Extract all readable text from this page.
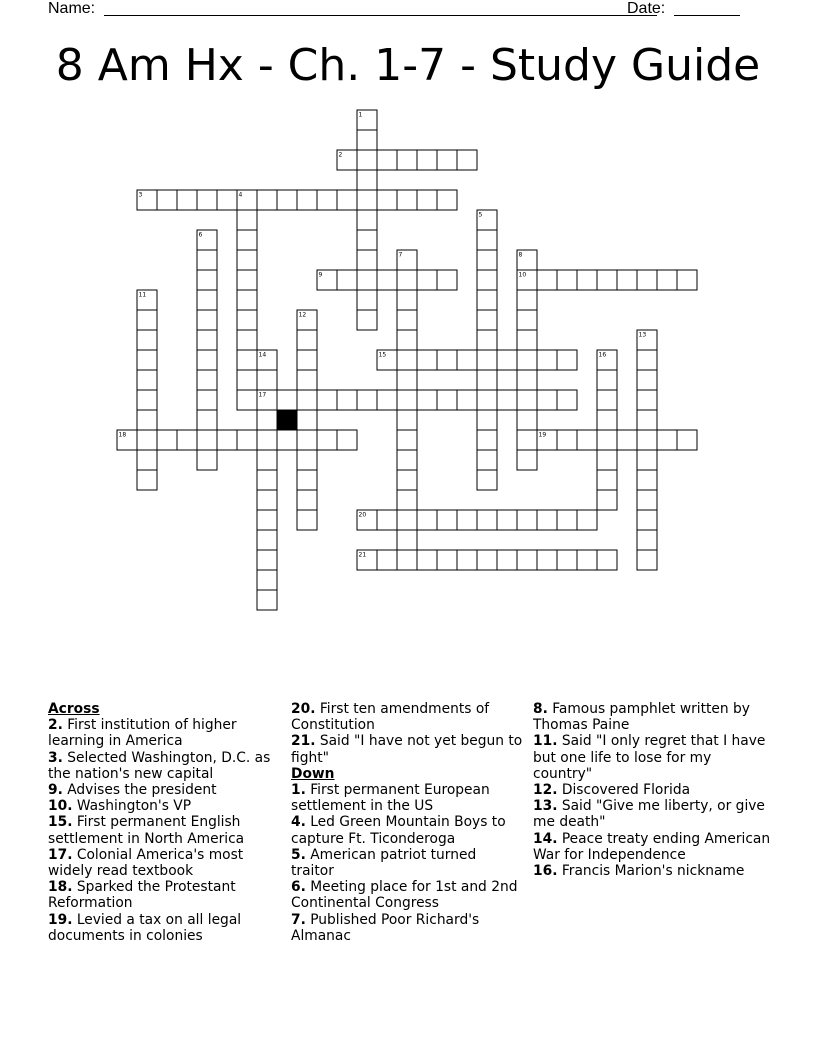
Name:	Date:
8 Am Hx - Ch. 1-7 - Study Guide
2
3
9	10
15
17
18	19
20
21
1
4
5
6
7	8
11
12
13
14	16
Across
2. First institution of higher learning in America
3. Selected Washington, D.C. as the nation's new capital
9. Advises the president
10. Washington's VP
15. First permanent English settlement in North America
17. Colonial America's most widely read textbook
18. Sparked the Protestant Reformation
19. Levied a tax on all legal documents in colonies
20. First ten amendments of Constitution
21. Said "I have not yet begun to fight"
Down
1. First permanent European settlement in the US
4. Led Green Mountain Boys to capture Ft. Ticonderoga
5. American patriot turned traitor
6. Meeting place for 1st and 2nd Continental Congress
7. Published Poor Richard's Almanac
8. Famous pamphlet written by Thomas Paine
11. Said "I only regret that I have but one life to lose for my country"
12. Discovered Florida
13. Said "Give me liberty, or give me death"
14. Peace treaty ending American War for Independence
16. Francis Marion's nickname
